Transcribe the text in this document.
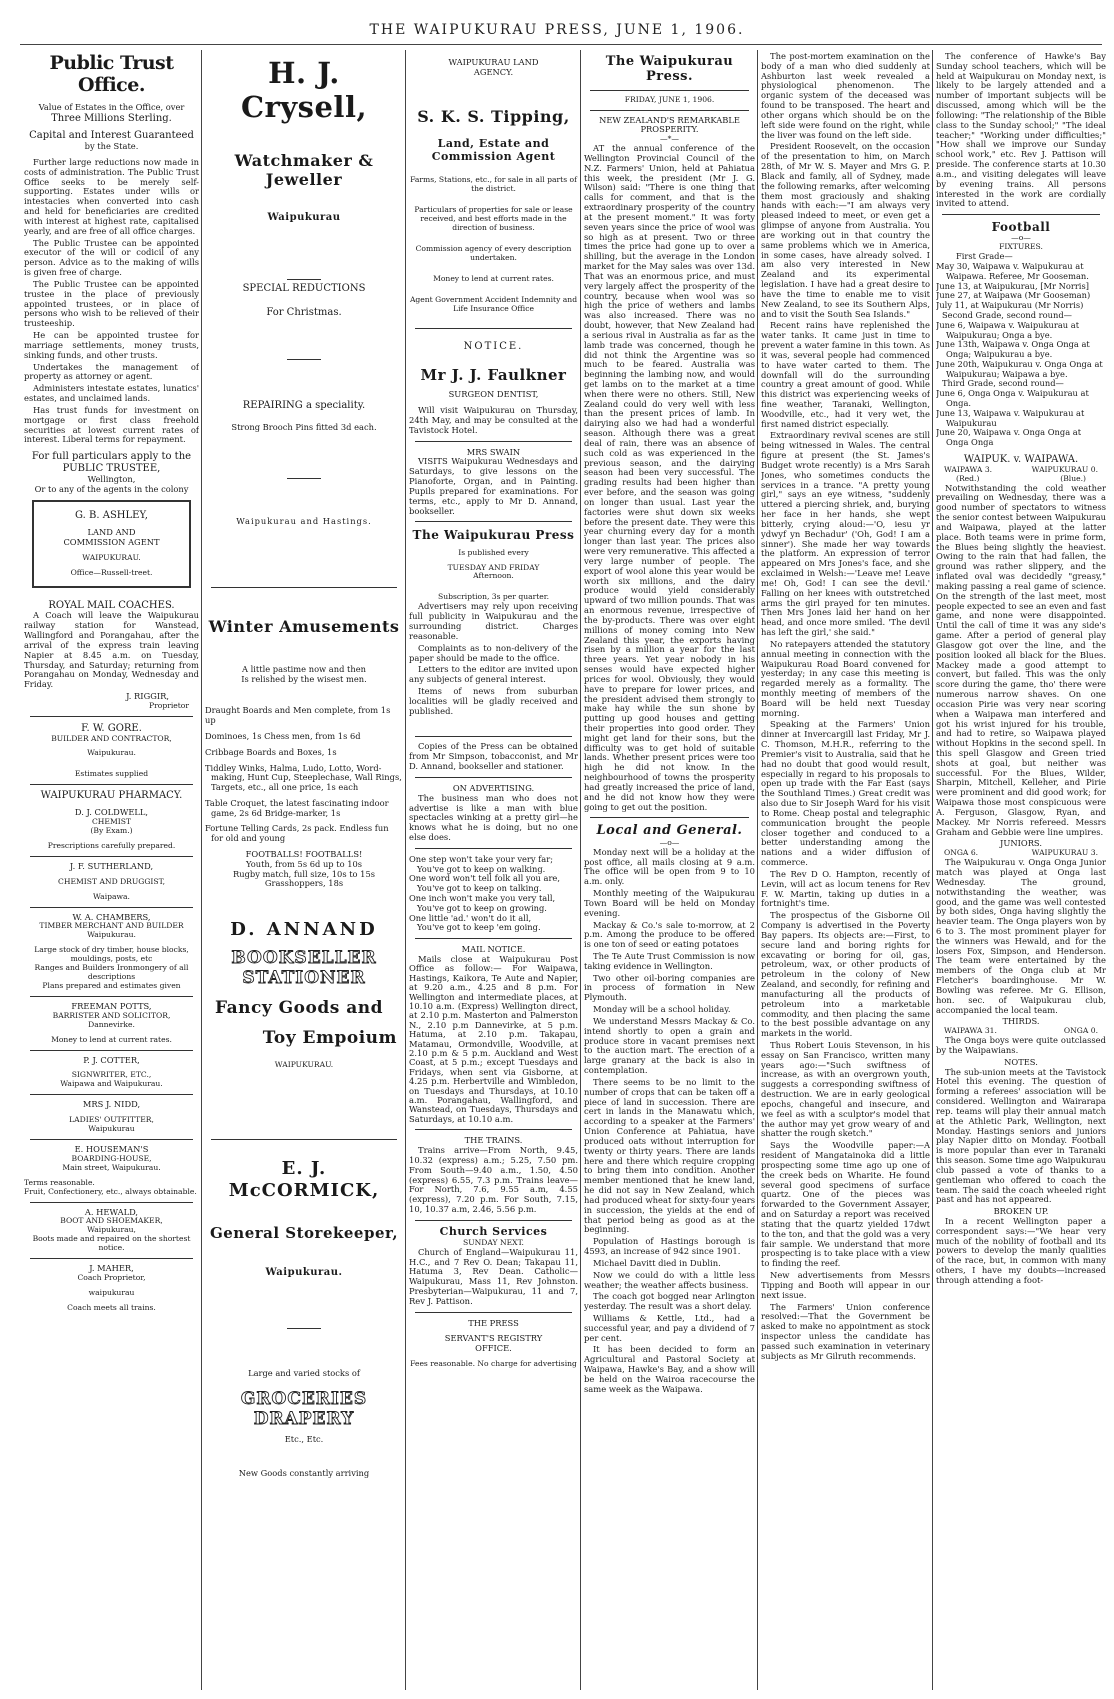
THE WAIPUKURAU PRESS, JUNE 1, 1906.
Public Trust Office.
Value of Estates in the Office, over
Three Millions Sterling.
Capital and Interest Guaranteed
by the State.
Further large reductions now made in costs of administration. The Public Trust Office seeks to be merely self-supporting. Estates under wills or intestacies when converted into cash and held for beneficiaries are credited with interest at highest rate, capitalised yearly, and are free of all office charges.
The Public Trustee can be appointed executor of the will or codicil of any person. Advice as to the making of wills is given free of charge.
The Public Trustee can be appointed trustee in the place of previously appointed trustees, or in place of persons who wish to be relieved of their trusteeship.
He can be appointed trustee for marriage settlements, money trusts, sinking funds, and other trusts.
Undertakes the management of property as attorney or agent.
Administers intestate estates, lunatics' estates, and unclaimed lands.
Has trust funds for investment on mortgage or first class freehold securities at lowest current rates of interest. Liberal terms for repayment.
For full particulars apply to the
PUBLIC TRUSTEE,
Wellington,
Or to any of the agents in the colony
G. B. ASHLEY,
LAND AND
COMMISSION AGENT
WAIPUKURAU.
Office—Russell-treet.
ROYAL MAIL COACHES.
A Coach will leave the Waipukurau railway station for Wanstead, Wallingford and Porangahau, after the arrival of the express train leaving Napier at 8.45 a.m. on Tuesday, Thursday, and Saturday; returning from Porangahau on Monday, Wednesday and Friday.
J. RIGGIR,
Proprietor
F. W. GORE.
BUILDER AND CONTRACTOR,
Waipukurau.
Estimates supplied
WAIPUKURAU PHARMACY.
D. J. COLDWELL,
CHEMIST
(By Exam.)
Prescriptions carefully prepared.
J. F. SUTHERLAND,
CHEMIST AND DRUGGIST,
Waipawa.
W. A. CHAMBERS,
TIMBER MERCHANT AND BUILDER
Waipukurau.
Large stock of dry timber, house blocks, mouldings, posts, etc
Ranges and Builders Ironmongery of all descriptions
Plans prepared and estimates given
FREEMAN POTTS,
BARRISTER AND SOLICITOR,
Dannevirke.
Money to lend at current rates.
P. J. COTTER,
SIGNWRITER, ETC.,
Waipawa and Waipukurau.
MRS J. NIDD,
LADIES' OUTFITTER,
Waipukurau
E. HOUSEMAN'S
BOARDING-HOUSE,
Main street, Waipukurau.
Terms reasonable.
Fruit, Confectionery, etc., always obtainable.
A. HEWALD,
BOOT AND SHOEMAKER,
Waipukurau,
Boots made and repaired on the shortest notice.
J. MAHER,
Coach Proprietor,
waipukurau
Coach meets all trains.
H. J. Crysell,
Watchmaker & Jeweller
Waipukurau
SPECIAL REDUCTIONS
For Christmas.
REPAIRING a speciality.
Strong Brooch Pins fitted 3d each.
Waipukurau and Hastings.
Winter Amusements
A little pastime now and then
Is relished by the wisest men.
Draught Boards and Men complete, from 1s up
Dominoes, 1s Chess men, from 1s 6d
Cribbage Boards and Boxes, 1s
Tiddley Winks, Halma, Ludo, Lotto, Word-making, Hunt Cup, Steeplechase, Wall Rings, Targets, etc., all one price, 1s each
Table Croquet, the latest fascinating indoor game, 2s 6d Bridge-marker, 1s
Fortune Telling Cards, 2s pack. Endless fun for old and young
FOOTBALLS! FOOTBALLS!
Youth, from 5s 6d up to 10s
Rugby match, full size, 10s to 15s
Grasshoppers, 18s
D. ANNAND
BOOKSELLER
STATIONER
Fancy Goods and
Toy Empoium
WAIPUKURAU.
E. J. McCORMICK,
General Storekeeper,
Waipukurau.
Large and varied stocks of
GROCERIES
DRAPERY
Etc., Etc.
New Goods constantly arriving
WAIPUKURAU LAND
AGENCY.
S. K. S. Tipping,
Land, Estate and
Commission Agent
Farms, Stations, etc., for sale in all parts of the district.
Particulars of properties for sale or lease received, and best efforts made in the direction of business.
Commission agency of every description undertaken.
Money to lend at current rates.
Agent Government Accident Indemnity and Life Insurance Office
NOTICE.
Mr J. J. Faulkner
SURGEON DENTIST,
Will visit Waipukurau on Thursday, 24th May, and may be consulted at the Tavistock Hotel.
MRS SWAIN
VISITS Waipukurau Wednesdays and Saturdays, to give lessons on the Pianoforte, Organ, and in Painting. Pupils prepared for examinations. For terms, etc., apply to Mr D. Annand, bookseller.
The Waipukurau Press
Is published every
TUESDAY AND FRIDAY
Afternoon.
Subscription, 3s per quarter.
Advertisers may rely upon receiving full publicity in Waipukurau and the surrounding district. Charges reasonable.
Complaints as to non-delivery of the paper should be made to the office.
Letters to the editor are invited upon any subjects of general interest.
Items of news from suburban localities will be gladly received and published.
Copies of the Press can be obtained from Mr Simpson, tobacconist, and Mr D. Annand, bookseller and stationer.
ON ADVERTISING.
The business man who does not advertise is like a man with blue spectacles winking at a pretty girl—he knows what he is doing, but no one else does.
One step won't take your very far;
You've got to keep on walking.
One word won't tell folk all you are,
You've got to keep on talking.
One inch won't make you very tall,
You've got to keep on growing.
One little 'ad.' won't do it all,
You've got to keep 'em going.
MAIL NOTICE.
Mails close at Waipukurau Post Office as follow:— For Waipawa, Hastings, Kaikora, Te Aute and Napier, at 9.20 a.m., 4.25 and 8 p.m. For Wellington and intermediate places, at 10.10 a.m. (Express) Wellington direct, at 2.10 p.m. Masterton and Palmerston N., 2.10 p.m Dannevirke, at 5 p.m. Hatuma, at 2.10 p.m. Takapau, Matamau, Ormondville, Woodville, at 2.10 p.m & 5 p.m. Auckland and West Coast, at 5 p.m.; except Tuesdays and Fridays, when sent via Gisborne, at 4.25 p.m. Herbertville and Wimbledon, on Tuesdays and Thursdays, at 10.10 a.m. Porangahau, Wallingford, and Wanstead, on Tuesdays, Thursdays and Saturdays, at 10.10 a.m.
THE TRAINS.
Trains arrive—From North, 9.45, 10.32 (express) a.m.; 5.25, 7.50 pm. From South—9.40 a.m., 1.50, 4.50 (express) 6.55, 7.3 p.m. Trains leave—For North, 7.6, 9.55 a.m, 4.55 (express), 7.20 p.m. For South, 7.15, 10, 10.37 a.m, 2.46, 5.56 p.m.
Church Services
SUNDAY NEXT.
Church of England—Waipukurau 11, H.C., and 7 Rev O. Dean; Takapau 11, Hatuma 3, Rev Dean. Catholic—Waipukurau, Mass 11, Rev Johnston. Presbyterian—Waipukurau, 11 and 7, Rev J. Pattison.
THE PRESS
SERVANT'S REGISTRY
OFFICE.
Fees reasonable. No charge for advertising
The Waipukurau Press.
FRIDAY, JUNE 1, 1906.
NEW ZEALAND'S REMARKABLE PROSPERITY.
—*—
AT the annual conference of the Wellington Provincial Council of the N.Z. Farmers' Union, held at Pahiatua this week, the president (Mr J. G. Wilson) said: "There is one thing that calls for comment, and that is the extraordinary prosperity of the country at the present moment." It was forty seven years since the price of wool was so high as at present. Two or three times the price had gone up to over a shilling, but the average in the London market for the May sales was over 13d. That was an enormous price, and must very largely affect the prosperity of the country, because when wool was so high the price of wethers and lambs was also increased. There was no doubt, however, that New Zealand had a serious rival in Australia as far as the lamb trade was concerned, though he did not think the Argentine was so much to be feared. Australia was beginning the lambing now, and would get lambs on to the market at a time when there were no others. Still, New Zealand could do very well with less than the present prices of lamb. In dairying also we had had a wonderful season. Although there was a great deal of rain, there was an absence of such cold as was experienced in the previous season, and the dairying season had been very successful. The grading results had been higher than ever before, and the season was going on longer than usual. Last year the factories were shut down six weeks before the present date. They were this year churning every day for a month longer than last year. The prices also were very remunerative. This affected a very large number of people. The export of wool alone this year would be worth six millions, and the dairy produce would yield considerably upward of two million pounds. That was an enormous revenue, irrespective of the by-products. There was over eight millions of money coming into New Zealand this year, the exports having risen by a million a year for the last three years. Yet year nobody in his senses would have expected higher prices for wool. Obviously, they would have to prepare for lower prices, and the president advised them strongly to make hay while the sun shone by putting up good houses and getting their properties into good order. They might get land for their sons, but the difficulty was to get hold of suitable lands. Whether present prices were too high he did not know. In the neighbourhood of towns the prosperity had greatly increased the price of land, and he did not know how they were going to get out the position.
Local and General.
—o—
Monday next will be a holiday at the post office, all mails closing at 9 a.m. The office will be open from 9 to 10 a.m. only.
Monthly meeting of the Waipukurau Town Board will be held on Monday evening.
Mackay & Co.'s sale to-morrow, at 2 p.m. Among the produce to be offered is one ton of seed or eating potatoes
The Te Aute Trust Commission is now taking evidence in Wellington.
Two other oil-boring companies are in process of formation in New Plymouth.
Monday will be a school holiday.
We understand Messrs Mackay & Co. intend shortly to open a grain and produce store in vacant premises next to the auction mart. The erection of a large granary at the back is also in contemplation.
There seems to be no limit to the number of crops that can be taken off a piece of land in succession. There are cert in lands in the Manawatu which, according to a speaker at the Farmers' Union Conference at Pahiatua, have produced oats without interruption for twenty or thirty years. There are lands here and there which require cropping to bring them into condition. Another member mentioned that he knew land, he did not say in New Zealand, which had produced wheat for sixty-four years in succession, the yields at the end of that period being as good as at the beginning.
Population of Hastings borough is 4593, an increase of 942 since 1901.
Michael Davitt died in Dublin.
Now we could do with a little less weather; the weather affects business.
The coach got bogged near Arlington yesterday. The result was a short delay.
Williams & Kettle, Ltd., had a successful year, and pay a dividend of 7 per cent.
It has been decided to form an Agricultural and Pastoral Society at Waipawa, Hawke's Bay, and a show will be held on the Wairoa racecourse the same week as the Waipawa.
The post-mortem examination on the body of a man who died suddenly at Ashburton last week revealed a physiological phenomenon. The organic system of the deceased was found to be transposed. The heart and other organs which should be on the left side were found on the right, while the liver was found on the left side.
President Roosevelt, on the occasion of the presentation to him, on March 28th, of Mr W. S. Mayer and Mrs G. P. Black and family, all of Sydney, made the following remarks, after welcoming them most graciously and shaking hands with each:—"I am always very pleased indeed to meet, or even get a glimpse of anyone from Australia. You are working out in that country the same problems which we in America, in some cases, have already solved. I am also very interested in New Zealand and its experimental legislation. I have had a great desire to have the time to enable me to visit New Zealand, to see its Southern Alps, and to visit the South Sea Islands."
Recent rains have replenished the water tanks. It came just in time to prevent a water famine in this town. As it was, several people had commenced to have water carted to them. The downfall will do the surrounding country a great amount of good. While this district was experiencing weeks of fine weather, Taranaki, Wellington, Woodville, etc., had it very wet, the first named district especially.
Extraordinary revival scenes are still being witnessed in Wales. The central figure at present (the St. James's Budget wrote recently) is a Mrs Sarah Jones, who sometimes conducts the services in a trance. "A pretty young girl," says an eye witness, "suddenly uttered a piercing shriek, and, burying her face in her hands, she wept bitterly, crying aloud:—'O, iesu yr ydwyf yn Bechadur' ('Oh, God! I am a sinner'). She made her way towards the platform. An expression of terror appeared on Mrs Jones's face, and she exclaimed in Welsh:—'Leave me! Leave me! Oh, God! I can see the devil.' Falling on her knees with outstretched arms the girl prayed for ten minutes. Then Mrs Jones laid her hand on her head, and once more smiled. 'The devil has left the girl,' she said."
No ratepayers attended the statutory annual meeting in connection with the Waipukurau Road Board convened for yesterday; in any case this meeting is regarded merely as a formality. The monthly meeting of members of the Board will be held next Tuesday morning.
Speaking at the Farmers' Union dinner at Invercargill last Friday, Mr J. C. Thomson, M.H.R., referring to the Premier's visit to Australia, said that he had no doubt that good would result, especially in regard to his proposals to open up trade with the Far East (says the Southland Times.) Great credit was also due to Sir Joseph Ward for his visit to Rome. Cheap postal and telegraphic communication brought the people closer together and conduced to a better understanding among the nations and a wider diffusion of commerce.
The Rev D O. Hampton, recently of Levin, will act as locum tenens for Rev F. W. Martin, taking up duties in a fortnight's time.
The prospectus of the Gisborne Oil Company is advertised in the Poverty Bay papers. Its objects are:—First, to secure land and boring rights for excavating or boring for oil, gas, petroleum, wax, or other products of petroleum in the colony of New Zealand, and secondly, for refining and manufacturing all the products of petroleum into a marketable commodity, and then placing the same to the best possible advantage on any markets in the world.
Thus Robert Louis Stevenson, in his essay on San Francisco, written many years ago:—"Such swiftness of increase, as with an overgrown youth, suggests a corresponding swiftness of destruction. We are in early geological epochs, changeful and insecure, and we feel as with a sculptor's model that the author may yet grow weary of and shatter the rough sketch."
Says the Woodville paper:—A resident of Mangatainoka did a little prospecting some time ago up one of the creek beds on Wharite. He found several good specimens of surface quartz. One of the pieces was forwarded to the Government Assayer, and on Saturday a report was received stating that the quartz yielded 17dwt to the ton, and that the gold was a very fair sample. We understand that more prospecting is to take place with a view to finding the reef.
New advertisements from Messrs Tipping and Booth will appear in our next issue.
The Farmers' Union conference resolved:—That the Government be asked to make no appointment as stock inspector unless the candidate has passed such examination in veterinary subjects as Mr Gilruth recommends.
The conference of Hawke's Bay Sunday school teachers, which will be held at Waipukurau on Monday next, is likely to be largely attended and a number of important subjects will be discussed, among which will be the following: "The relationship of the Bible class to the Sunday school;" "The ideal teacher;" "Working under difficulties;" "How shall we improve our Sunday school work," etc. Rev J. Pattison will preside. The conference starts at 10.30 a.m., and visiting delegates will leave by evening trains. All persons interested in the work are cordially invited to attend.
Football
—o—
FIXTURES.
First Grade—
May 30, Waipawa v. Waipukurau at Waipawa. Referee, Mr Gooseman.
June 13, at Waipukurau, [Mr Norris]
June 27, at Waipawa (Mr Gooseman)
July 11, at Waipukurau (Mr Norris)
Second Grade, second round—
June 6, Waipawa v. Waipukurau at Waipukurau; Onga a bye.
June 13th, Waipawa v. Onga Onga at Onga; Waipukurau a bye.
June 20th, Waipukurau v. Onga Onga at Waipukurau; Waipawa a bye.
Third Grade, second round—
June 6, Onga Onga v. Waipukurau at Onga.
June 13, Waipawa v. Waipukurau at Waipukurau
June 20, Waipawa v. Onga Onga at Onga Onga
WAIPUK. v. WAIPAWA.
WAIPAWA 3.	WAIPUKURAU 0.
(Red.)	(Blue.)
Notwithstanding the cold weather prevailing on Wednesday, there was a good number of spectators to witness the senior contest between Waipukurau and Waipawa, played at the latter place. Both teams were in prime form, the Blues being slightly the heaviest. Owing to the rain that had fallen, the ground was rather slippery, and the inflated oval was decidedly "greasy," making passing a real game of science. On the strength of the last meet, most people expected to see an even and fast game, and none were disappointed. Until the call of time it was any side's game. After a period of general play Glasgow got over the line, and the position looked all black for the Blues. Mackey made a good attempt to convert, but failed. This was the only score during the game, tho' there were numerous narrow shaves. On one occasion Pirie was very near scoring when a Waipawa man interfered and got his wrist injured for his trouble, and had to retire, so Waipawa played without Hopkins in the second spell. In this spell Glasgow and Green tried shots at goal, but neither was successful. For the Blues, Wilder, Sharpin, Mitchell, Kelleher, and Pirie were prominent and did good work; for Waipawa those most conspicuous were A. Ferguson, Glasgow, Ryan, and Mackey. Mr Norris refereed. Messrs Graham and Gebbie were line umpires.
JUNIORS.
ONGA 6.	WAIPUKURAU 3.
The Waipukurau v. Onga Onga Junior match was played at Onga last Wednesday. The ground, notwithstanding the weather, was good, and the game was well contested by both sides, Onga having slightly the heavier team. The Onga players won by 6 to 3. The most prominent player for the winners was Hewald, and for the losers Fox, Simpson, and Henderson. The team were entertained by the members of the Onga club at Mr Fletcher's boardinghouse. Mr W. Bowling was referee. Mr G. Ellison, hon. sec. of Waipukurau club, accompanied the local team.
THIRDS.
WAIPAWA 31.	ONGA 0.
The Onga boys were quite outclassed by the Waipawians.
NOTES.
The sub-union meets at the Tavistock Hotel this evening. The question of forming a referees' association will be considered. Wellington and Wairarapa rep. teams will play their annual match at the Athletic Park, Wellington, next Monday. Hastings seniors and juniors play Napier ditto on Monday. Football is more popular than ever in Taranaki this season. Some time ago Waipukurau club passed a vote of thanks to a gentleman who offered to coach the team. The said the coach wheeled right past and has not appeared.
BROKEN UP.
In a recent Wellington paper a correspondent says:—"We hear very much of the nobility of football and its powers to develop the manly qualities of the race, but, in common with many others, I have my doubts—increased through attending a foot-
